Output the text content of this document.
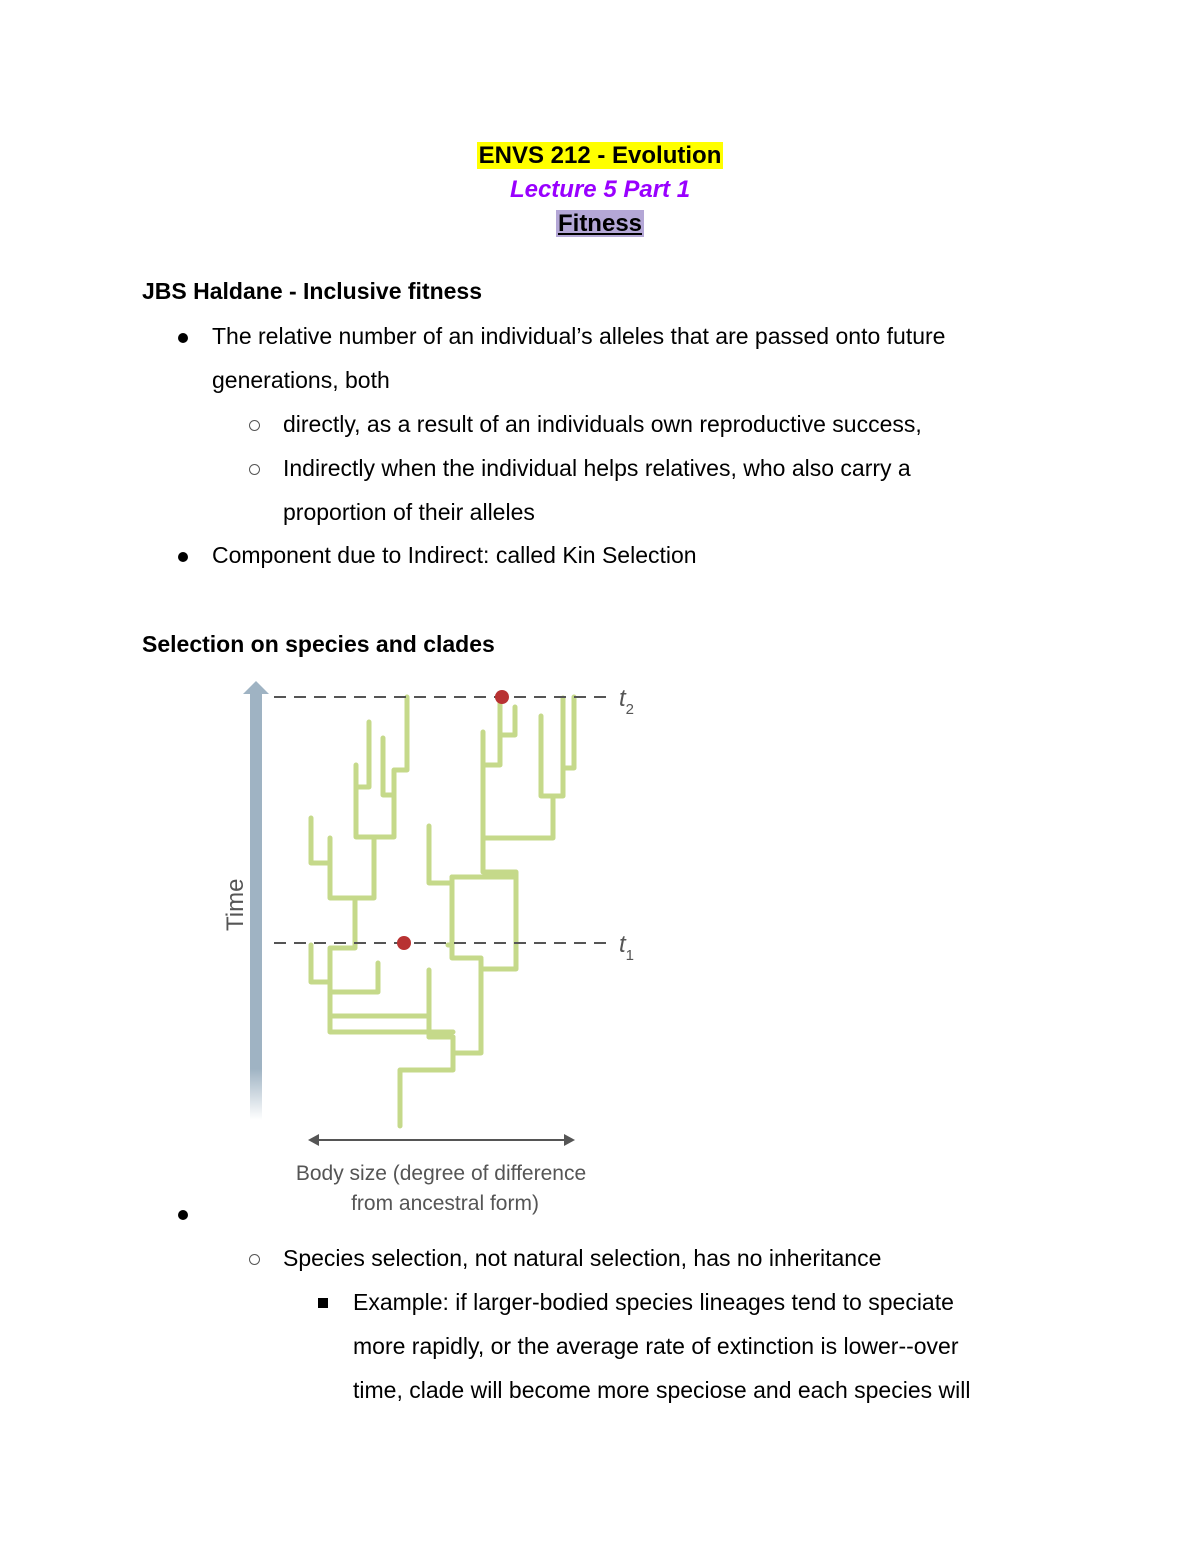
ENVS 212 - Evolution
Lecture 5 Part 1
Fitness
JBS Haldane - Inclusive fitness
The relative number of an individual’s alleles that are passed onto future
generations, both
directly, as a result of an individuals own reproductive success,
Indirectly when the individual helps relatives, who also carry a
proportion of their alleles
Component due to Indirect: called Kin Selection
Selection on species and clades
Time
$t_2$
$t_1$
Body size (degree of difference
from ancestral form)
Species selection, not natural selection, has no inheritance
Example: if larger-bodied species lineages tend to speciate
more rapidly, or the average rate of extinction is lower--over
time, clade will become more speciose and each species will
